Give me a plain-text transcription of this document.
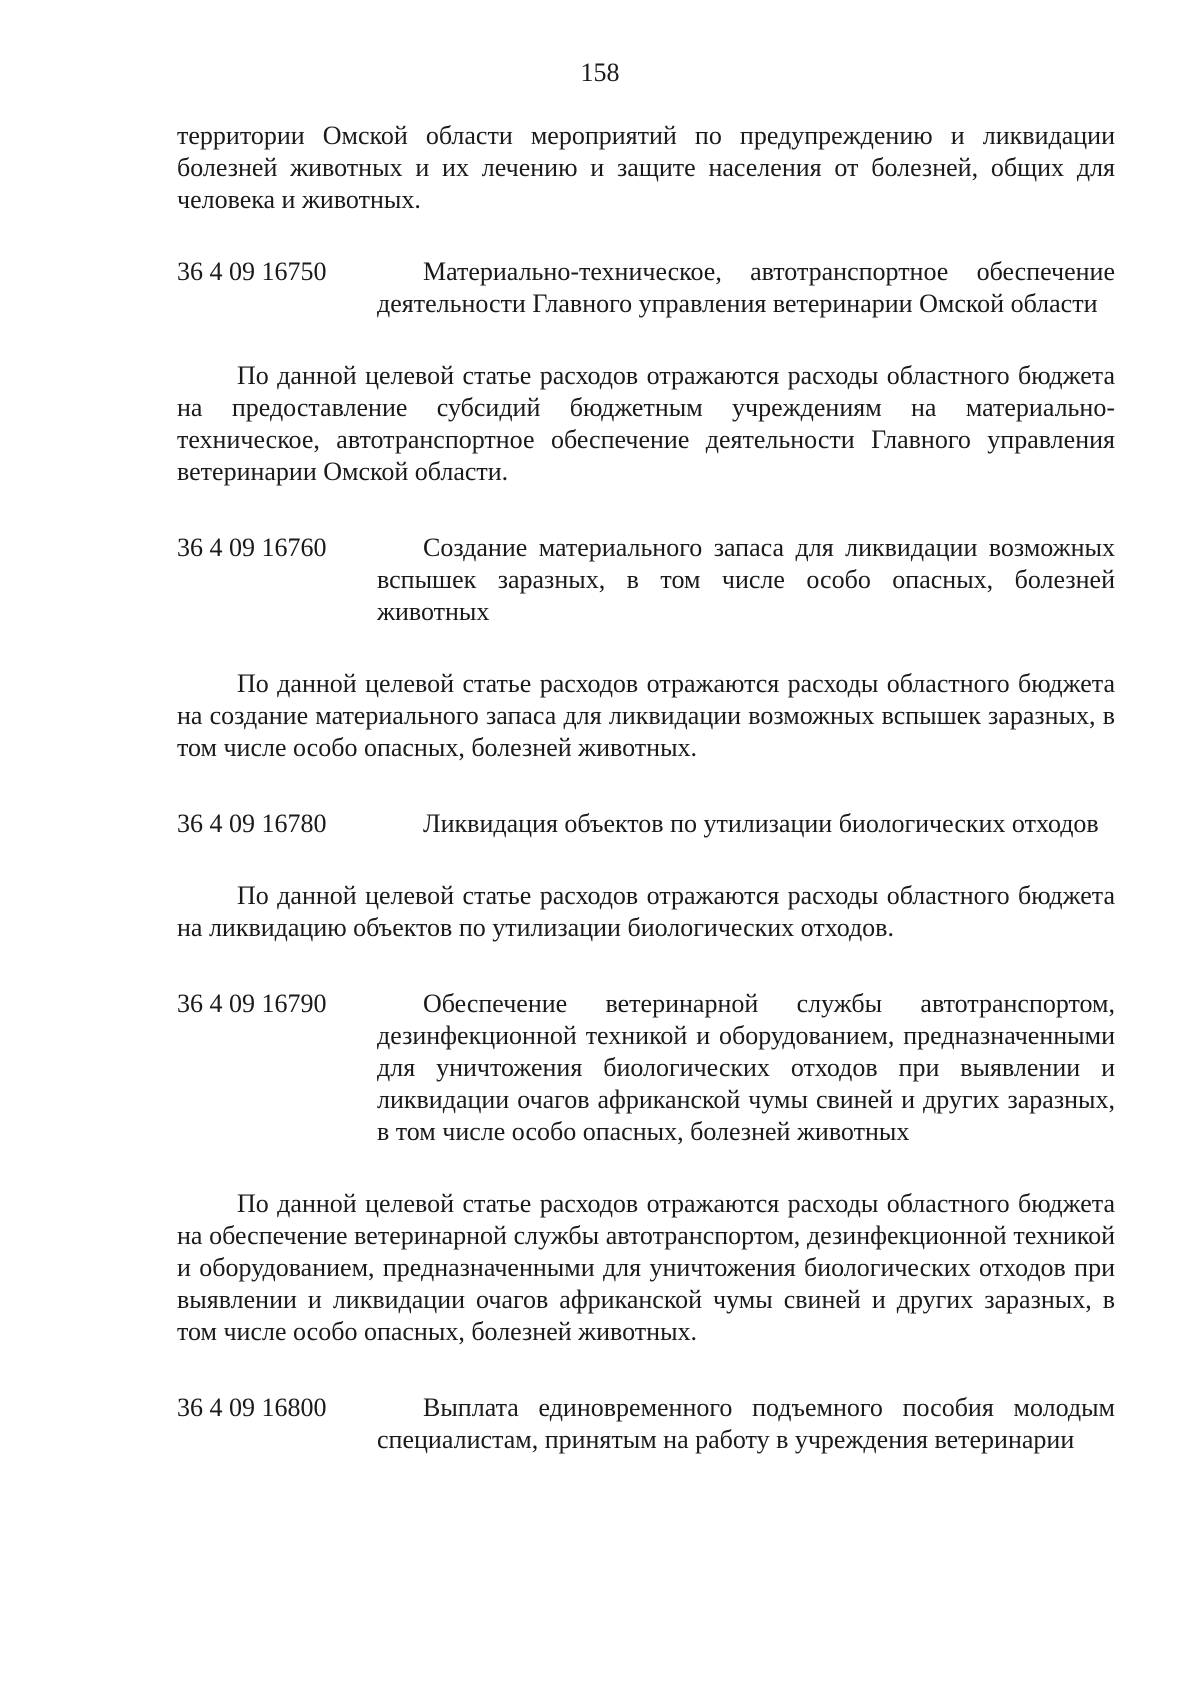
158

территории Омской области мероприятий по предупреждению и ликвидации болезней животных и их лечению и защите населения от болезней, общих для человека и животных.

36 4 09 16750	Материально-техническое, автотранспортное обеспечение деятельности Главного управления ветеринарии Омской области

По данной целевой статье расходов отражаются расходы областного бюджета на предоставление субсидий бюджетным учреждениям на материально-техническое, автотранспортное обеспечение деятельности Главного управления ветеринарии Омской области.

36 4 09 16760	Создание материального запаса для ликвидации возможных вспышек заразных, в том числе особо опасных, болезней животных

По данной целевой статье расходов отражаются расходы областного бюджета на создание материального запаса для ликвидации возможных вспышек заразных, в том числе особо опасных, болезней животных.

36 4 09 16780	Ликвидация объектов по утилизации биологических отходов

По данной целевой статье расходов отражаются расходы областного бюджета на ликвидацию объектов по утилизации биологических отходов.

36 4 09 16790	Обеспечение ветеринарной службы автотранспортом, дезинфекционной техникой и оборудованием, предназначенными для уничтожения биологических отходов при выявлении и ликвидации очагов африканской чумы свиней и других заразных, в том числе особо опасных, болезней животных

По данной целевой статье расходов отражаются расходы областного бюджета на обеспечение ветеринарной службы автотранспортом, дезинфекционной техникой и оборудованием, предназначенными для уничтожения биологических отходов при выявлении и ликвидации очагов африканской чумы свиней и других заразных, в том числе особо опасных, болезней животных.

36 4 09 16800	Выплата единовременного подъемного пособия молодым специалистам, принятым на работу в учреждения ветеринарии
